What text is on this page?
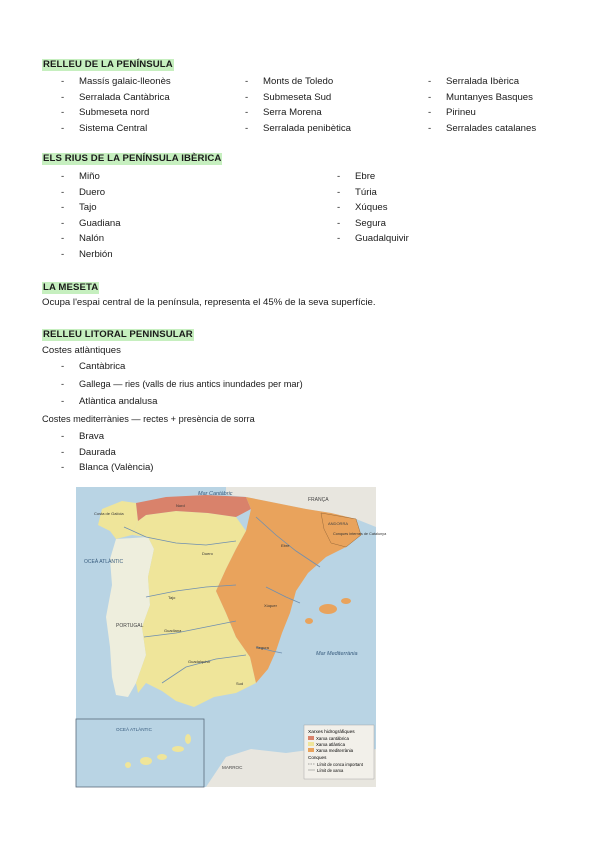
RELLEU DE LA PENÍNSULA
- Massís galaic-lleonès
- Serralada Cantàbrica
- Submeseta nord
- Sistema Central
- Monts de Toledo
- Submeseta Sud
- Serra Morena
- Serralada penibètica
- Serralada Ibèrica
- Muntanyes Basques
- Pirineu
- Serralades catalanes
ELS RIUS DE LA PENÍNSULA IBÈRICA
- Miño
- Duero
- Tajo
- Guadiana
- Nalón
- Nerbión
- Ebre
- Túria
- Xúques
- Segura
- Guadalquivir
LA MESETA
Ocupa l'espai central de la península, representa el 45% de la seva superfície.
RELLEU LITORAL PENINSULAR
Costes atlàntiques
- Cantàbrica
- Gallega — ries (valls de rius antics inundades per mar)
- Atlàntica andalusa
Costes mediterrànies — rectes + presència de sorra
- Brava
- Daurada
- Blanca (València)
Xarxes hidrogràfiques
Xarxa cantàbrica
Xarxa atlàntica
Xarxa mediterrània
Conques
Límit de conca important
Límit de xarxa
Mar Cantàbric
FRANÇA
ANDORRA
Costa de Galícia
Nord
OCEÀ ATLÀNTIC
PORTUGAL
Duero
Ebre
Conques internes de Catalunya
Xúquer
Tajo
Guadiana
Guadalquivir
Segura
Sud
Mar Mediterrània
OCEÀ ATLÀNTIC
MARROC
